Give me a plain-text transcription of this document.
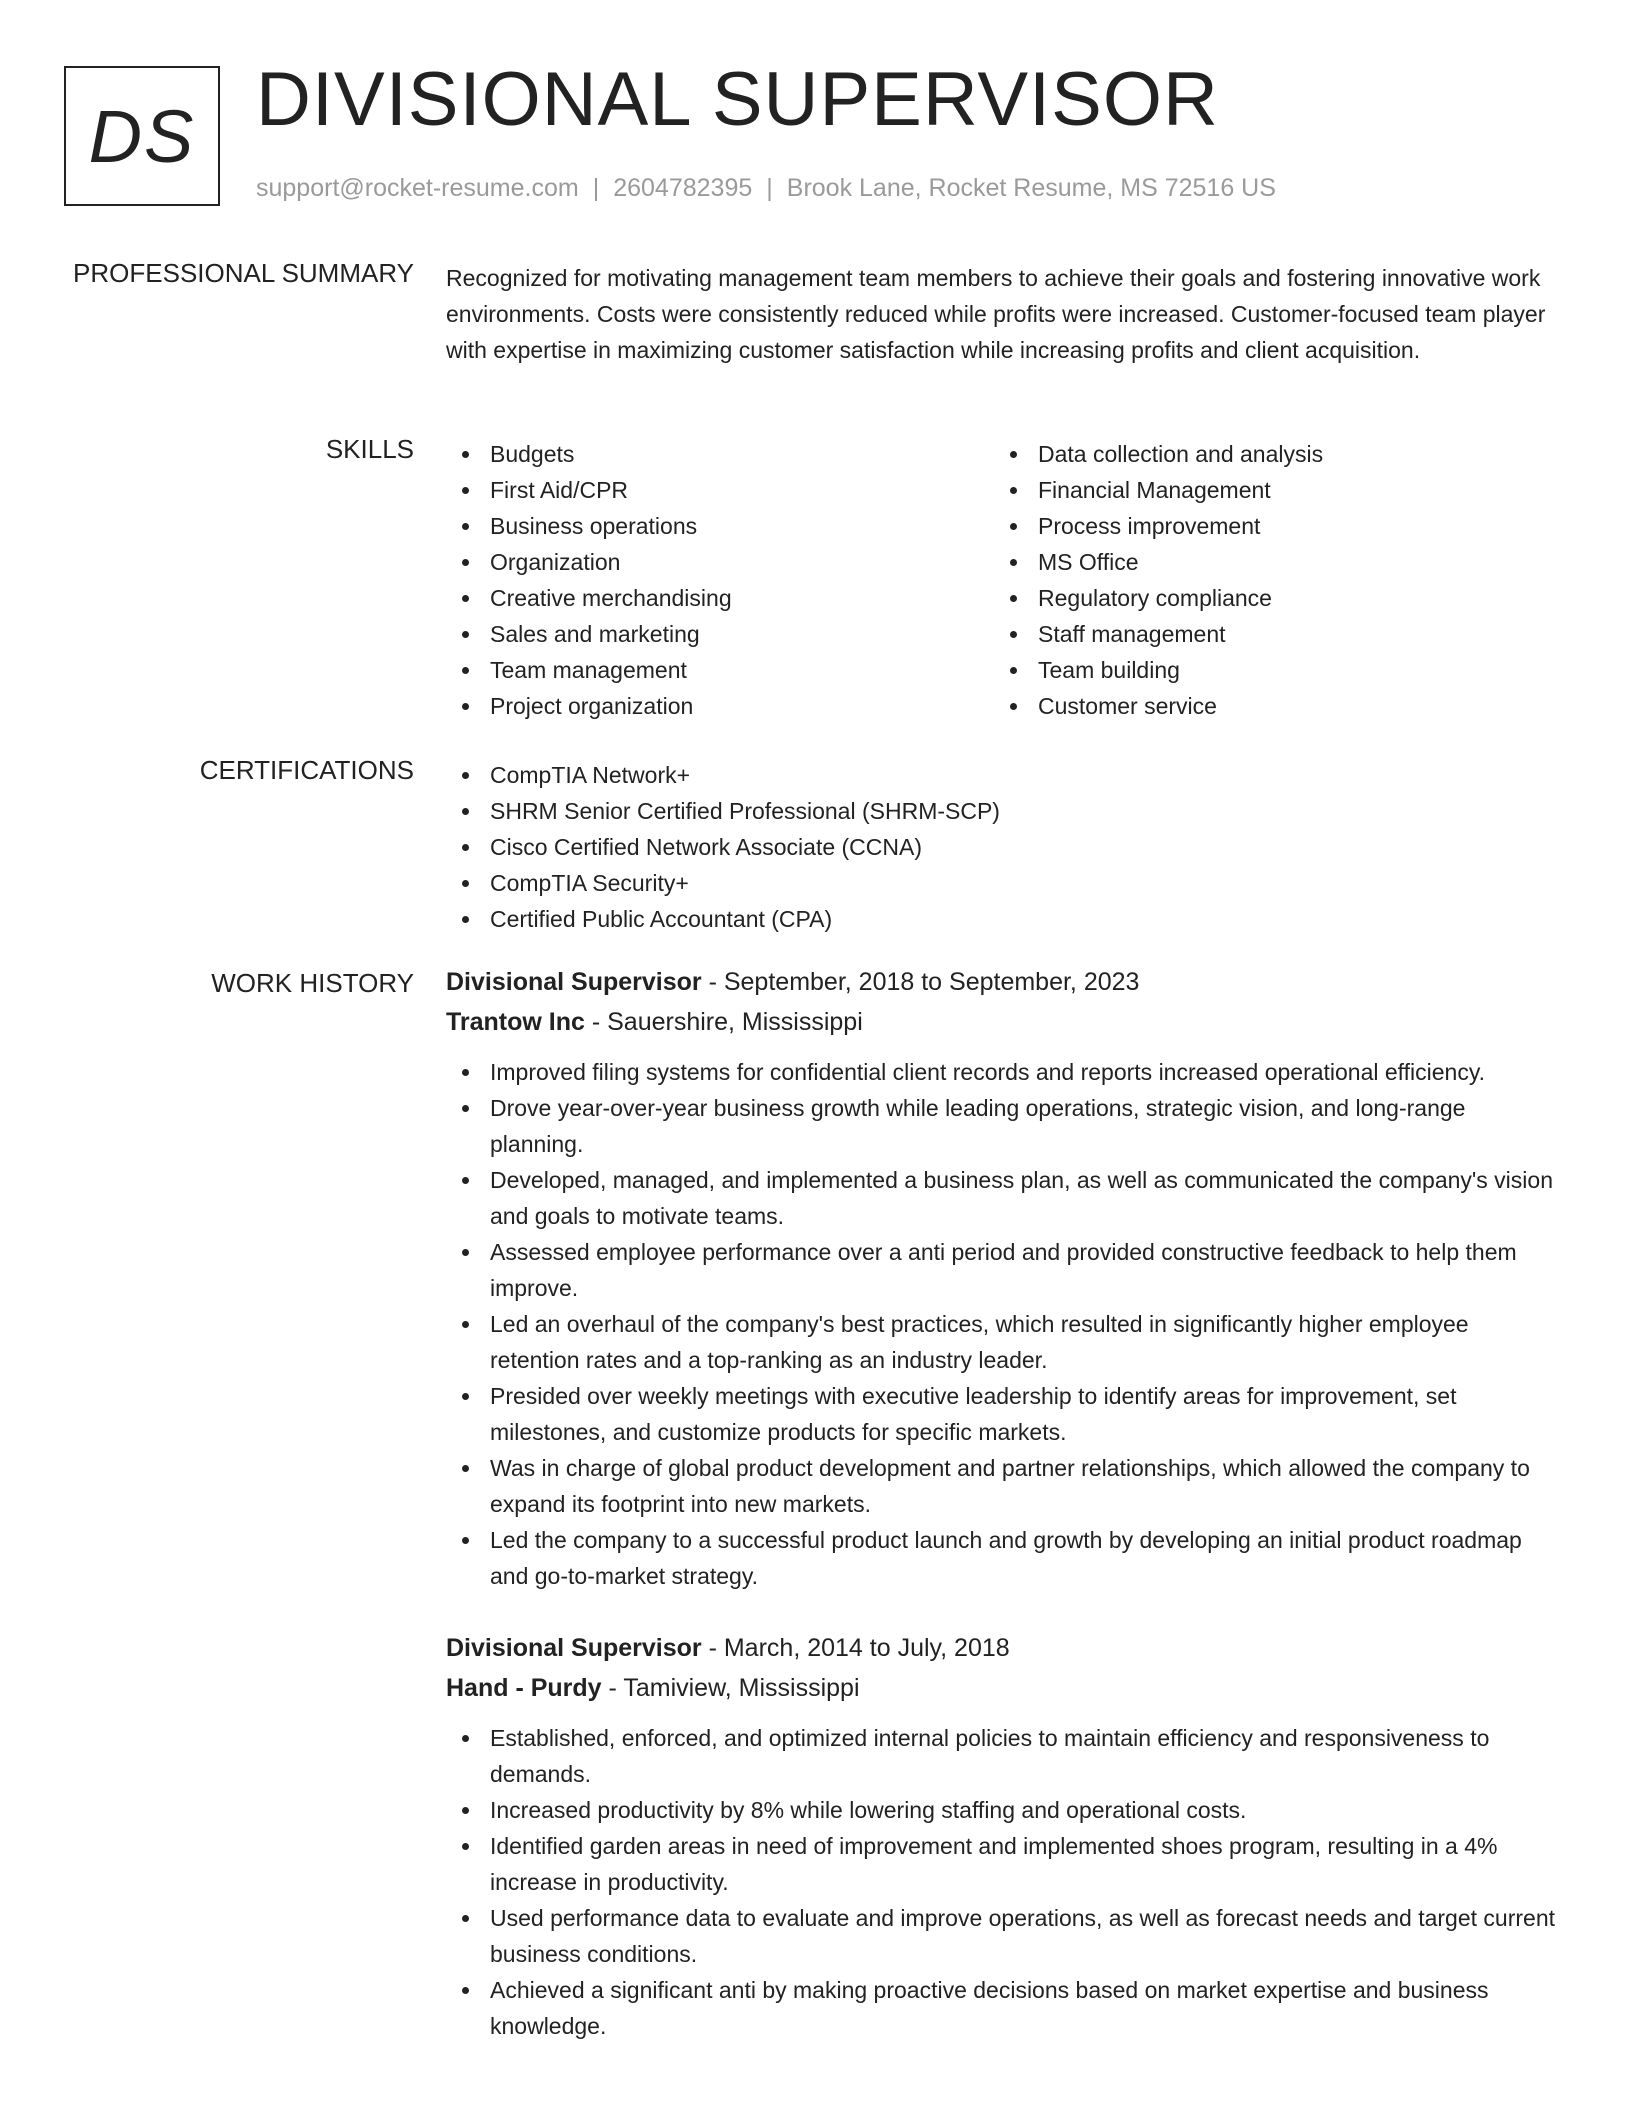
DS DIVISIONAL SUPERVISOR
support@rocket-resume.com | 2604782395 | Brook Lane, Rocket Resume, MS 72516 US
PROFESSIONAL SUMMARY Recognized for motivating management team members to achieve their goals and fostering innovative work environments. Costs were consistently reduced while profits were increased. Customer-focused team player with expertise in maximizing customer satisfaction while increasing profits and client acquisition.
SKILLS	Budgets
First Aid/CPR
Business operations
Organization
Creative merchandising
Sales and marketing
Team management
Project organization
Data collection and analysis
Financial Management
Process improvement
MS Office
Regulatory compliance
Staff management
Team building
Customer service
CERTIFICATIONS	CompTIA Network+
SHRM Senior Certified Professional (SHRM-SCP)
Cisco Certified Network Associate (CCNA)
CompTIA Security+
Certified Public Accountant (CPA)
WORK HISTORY Divisional Supervisor - September, 2018 to September, 2023
Trantow Inc - Sauershire, Mississippi
Improved filing systems for confidential client records and reports increased operational efficiency.
Drove year-over-year business growth while leading operations, strategic vision, and long-range planning.
Developed, managed, and implemented a business plan, as well as communicated the company's vision and goals to motivate teams.
Assessed employee performance over a anti period and provided constructive feedback to help them improve.
Led an overhaul of the company's best practices, which resulted in significantly higher employee retention rates and a top-ranking as an industry leader.
Presided over weekly meetings with executive leadership to identify areas for improvement, set milestones, and customize products for specific markets.
Was in charge of global product development and partner relationships, which allowed the company to expand its footprint into new markets.
Led the company to a successful product launch and growth by developing an initial product roadmap and go-to-market strategy.
Divisional Supervisor - March, 2014 to July, 2018
Hand - Purdy - Tamiview, Mississippi
Established, enforced, and optimized internal policies to maintain efficiency and responsiveness to demands.
Increased productivity by 8% while lowering staffing and operational costs.
Identified garden areas in need of improvement and implemented shoes program, resulting in a 4% increase in productivity.
Used performance data to evaluate and improve operations, as well as forecast needs and target current business conditions.
Achieved a significant anti by making proactive decisions based on market expertise and business knowledge.
